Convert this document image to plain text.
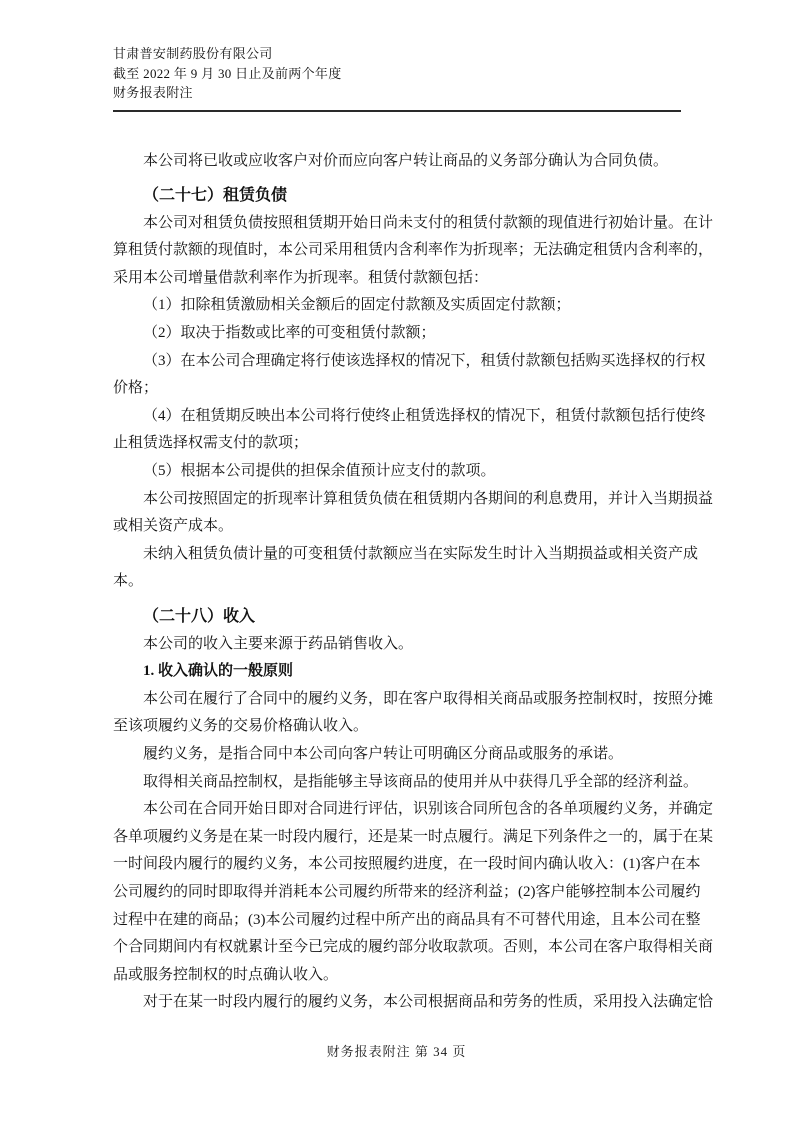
甘肃普安制药股份有限公司
截至 2022 年 9 月 30 日止及前两个年度
财务报表附注
本公司将已收或应收客户对价而应向客户转让商品的义务部分确认为合同负债。
（二十七）租赁负债
本公司对租赁负债按照租赁期开始日尚未支付的租赁付款额的现值进行初始计量。在计
算租赁付款额的现值时，本公司采用租赁内含利率作为折现率；无法确定租赁内含利率的，
采用本公司增量借款利率作为折现率。租赁付款额包括：
（1）扣除租赁激励相关金额后的固定付款额及实质固定付款额；
（2）取决于指数或比率的可变租赁付款额；
（3）在本公司合理确定将行使该选择权的情况下，租赁付款额包括购买选择权的行权
价格；
（4）在租赁期反映出本公司将行使终止租赁选择权的情况下，租赁付款额包括行使终
止租赁选择权需支付的款项；
（5）根据本公司提供的担保余值预计应支付的款项。
本公司按照固定的折现率计算租赁负债在租赁期内各期间的利息费用，并计入当期损益
或相关资产成本。
未纳入租赁负债计量的可变租赁付款额应当在实际发生时计入当期损益或相关资产成
本。
（二十八）收入
本公司的收入主要来源于药品销售收入。
1. 收入确认的一般原则
本公司在履行了合同中的履约义务，即在客户取得相关商品或服务控制权时，按照分摊
至该项履约义务的交易价格确认收入。
履约义务，是指合同中本公司向客户转让可明确区分商品或服务的承诺。
取得相关商品控制权，是指能够主导该商品的使用并从中获得几乎全部的经济利益。
本公司在合同开始日即对合同进行评估，识别该合同所包含的各单项履约义务，并确定
各单项履约义务是在某一时段内履行，还是某一时点履行。满足下列条件之一的，属于在某
一时间段内履行的履约义务，本公司按照履约进度，在一段时间内确认收入：(1)客户在本
公司履约的同时即取得并消耗本公司履约所带来的经济利益；(2)客户能够控制本公司履约
过程中在建的商品；(3)本公司履约过程中所产出的商品具有不可替代用途，且本公司在整
个合同期间内有权就累计至今已完成的履约部分收取款项。否则，本公司在客户取得相关商
品或服务控制权的时点确认收入。
对于在某一时段内履行的履约义务，本公司根据商品和劳务的性质，采用投入法确定恰
财务报表附注 第 34 页
